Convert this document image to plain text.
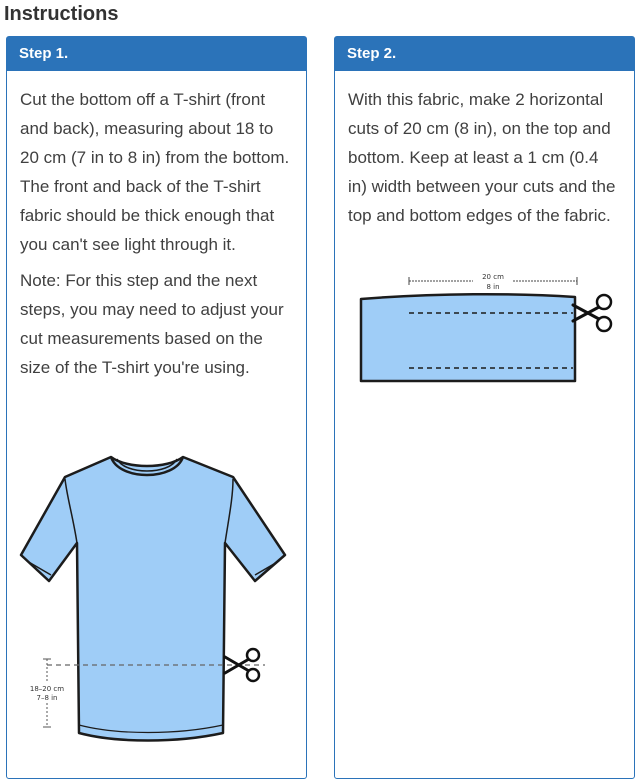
Instructions
Step 1.

Cut the bottom off a T-shirt (front and back), measuring about 18 to 20 cm (7 in to 8 in) from the bottom. The front and back of the T-shirt fabric should be thick enough that you can't see light through it.

Note: For this step and the next steps, you may need to adjust your cut measurements based on the size of the T-shirt you're using.

18–20 cm
7–8 in
Step 2.

With this fabric, make 2 horizontal cuts of 20 cm (8 in), on the top and bottom. Keep at least a 1 cm (0.4 in) width between your cuts and the top and bottom edges of the fabric.

20 cm
8 in
